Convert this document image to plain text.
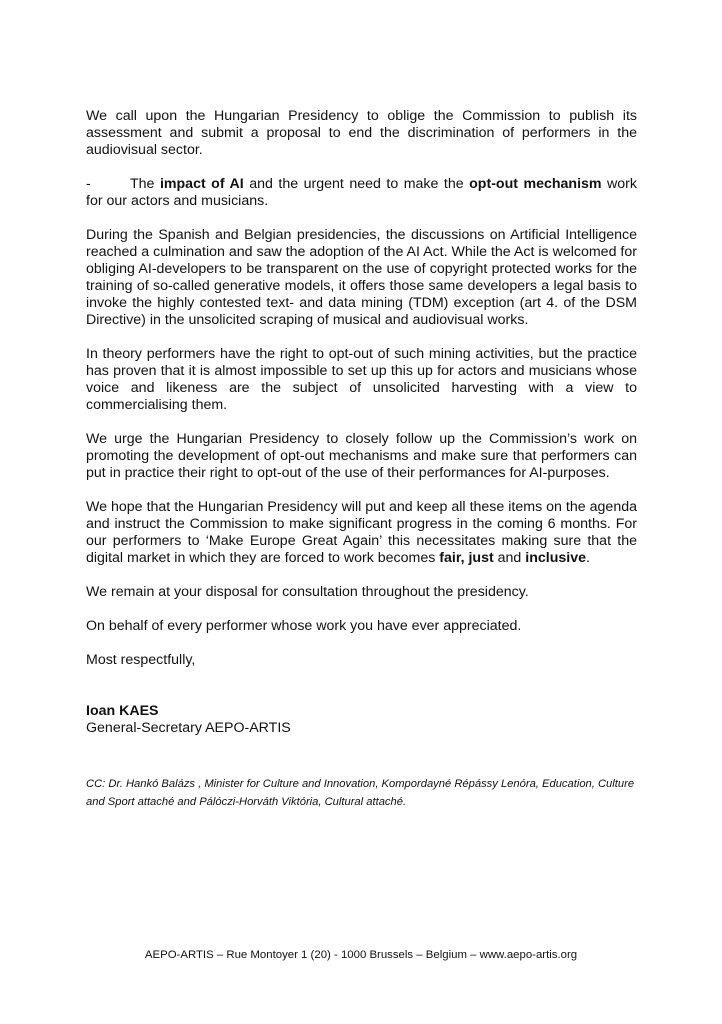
We call upon the Hungarian Presidency to oblige the Commission to publish its assessment and submit a proposal to end the discrimination of performers in the audiovisual sector.

-	The impact of AI and the urgent need to make the opt-out mechanism work for our actors and musicians.

During the Spanish and Belgian presidencies, the discussions on Artificial Intelligence reached a culmination and saw the adoption of the AI Act. While the Act is welcomed for obliging AI-developers to be transparent on the use of copyright protected works for the training of so-called generative models, it offers those same developers a legal basis to invoke the highly contested text- and data mining (TDM) exception (art 4. of the DSM Directive) in the unsolicited scraping of musical and audiovisual works.

In theory performers have the right to opt-out of such mining activities, but the practice has proven that it is almost impossible to set up this up for actors and musicians whose voice and likeness are the subject of unsolicited harvesting with a view to commercialising them.

We urge the Hungarian Presidency to closely follow up the Commission’s work on promoting the development of opt-out mechanisms and make sure that performers can put in practice their right to opt-out of the use of their performances for AI-purposes.

We hope that the Hungarian Presidency will put and keep all these items on the agenda and instruct the Commission to make significant progress in the coming 6 months. For our performers to ‘Make Europe Great Again’ this necessitates making sure that the digital market in which they are forced to work becomes fair, just and inclusive.

We remain at your disposal for consultation throughout the presidency.

On behalf of every performer whose work you have ever appreciated.

Most respectfully,

Ioan KAES
General-Secretary AEPO-ARTIS
CC: Dr. Hankó Balázs , Minister for Culture and Innovation, Kompordayné Répássy Lenóra, Education, Culture and Sport attaché and Pálóczi-Horváth Viktória, Cultural attaché.
AEPO-ARTIS – Rue Montoyer 1 (20) - 1000 Brussels – Belgium – www.aepo-artis.org
